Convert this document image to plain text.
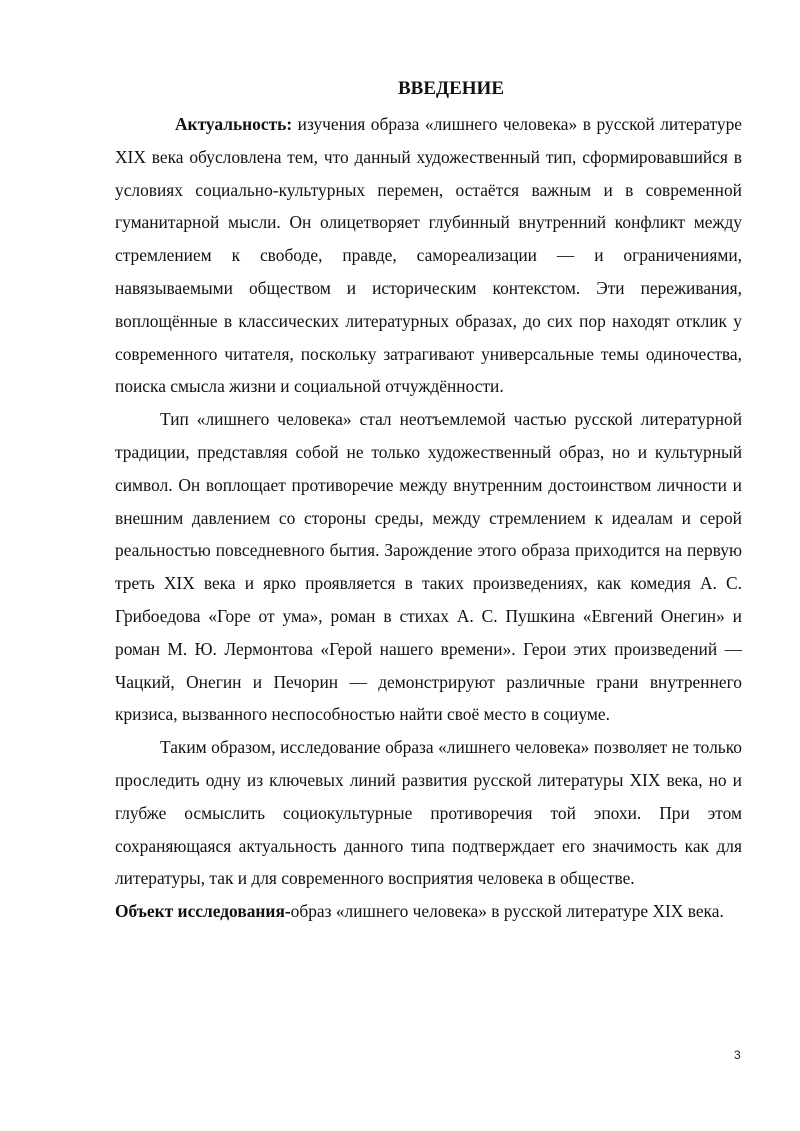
ВВЕДЕНИЕ

Актуальность: изучения образа «лишнего человека» в русской литературе XIX века обусловлена тем, что данный художественный тип, сформировавшийся в условиях социально-культурных перемен, остаётся важным и в современной гуманитарной мысли. Он олицетворяет глубинный внутренний конфликт между стремлением к свободе, правде, самореализации — и ограничениями, навязываемыми обществом и историческим контекстом. Эти переживания, воплощённые в классических литературных образах, до сих пор находят отклик у современного читателя, поскольку затрагивают универсальные темы одиночества, поиска смысла жизни и социальной отчуждённости.

Тип «лишнего человека» стал неотъемлемой частью русской литературной традиции, представляя собой не только художественный образ, но и культурный символ. Он воплощает противоречие между внутренним достоинством личности и внешним давлением со стороны среды, между стремлением к идеалам и серой реальностью повседневного бытия. Зарождение этого образа приходится на первую треть XIX века и ярко проявляется в таких произведениях, как комедия А. С. Грибоедова «Горе от ума», роман в стихах А. С. Пушкина «Евгений Онегин» и роман М. Ю. Лермонтова «Герой нашего времени». Герои этих произведений — Чацкий, Онегин и Печорин — демонстрируют различные грани внутреннего кризиса, вызванного неспособностью найти своё место в социуме.

Таким образом, исследование образа «лишнего человека» позволяет не только проследить одну из ключевых линий развития русской литературы XIX века, но и глубже осмыслить социокультурные противоречия той эпохи. При этом сохраняющаяся актуальность данного типа подтверждает его значимость как для литературы, так и для современного восприятия человека в обществе.

Объект исследования-образ «лишнего человека» в русской литературе XIX века.

3
